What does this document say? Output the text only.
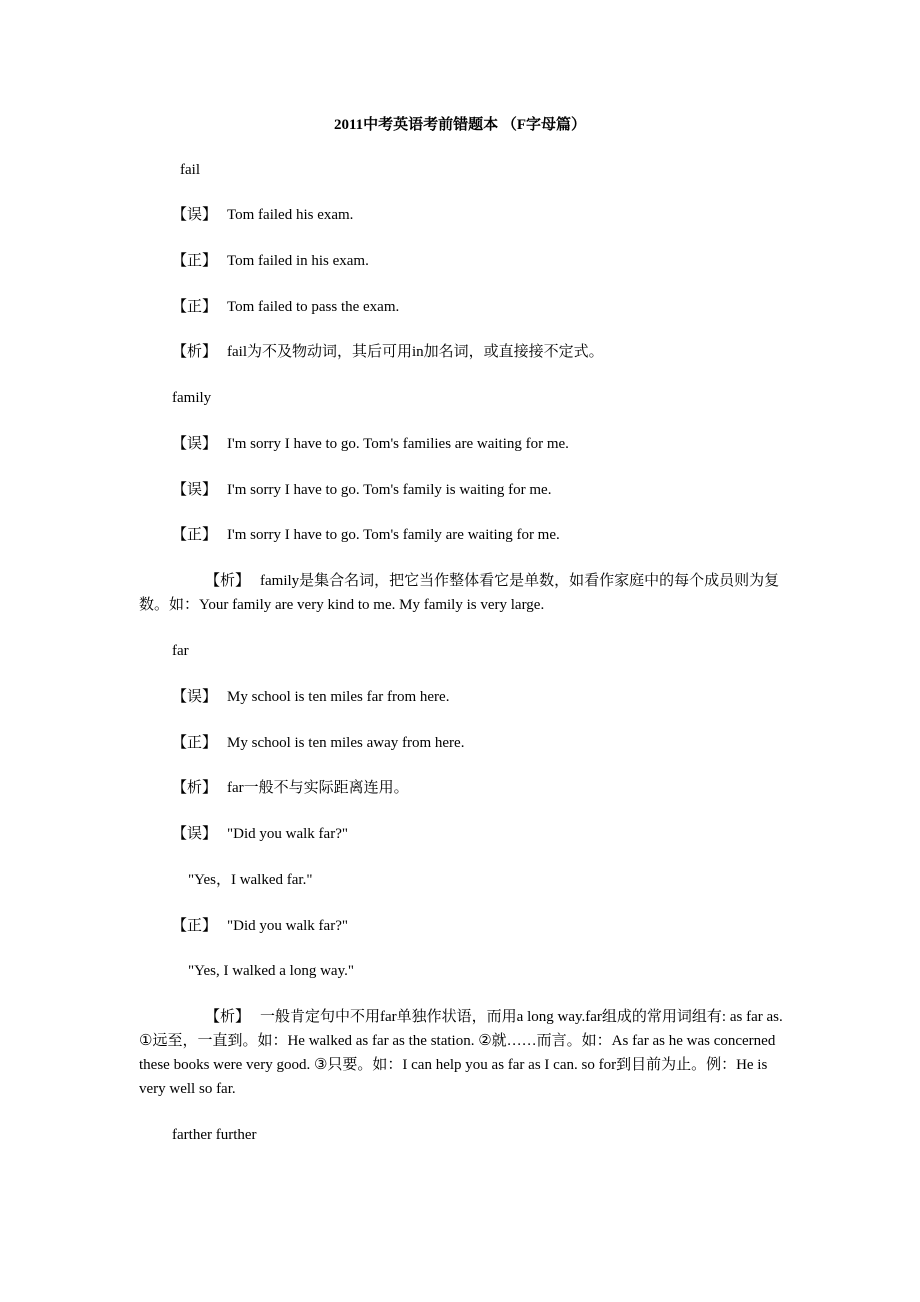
2011中考英语考前错题本 （F字母篇）
fail
【误】 Tom failed his exam.
【正】 Tom failed in his exam.
【正】 Tom failed to pass the exam.
【析】 fail为不及物动词，其后可用in加名词，或直接接不定式。
family
【误】 I'm sorry I have to go. Tom's families are waiting for me.
【误】 I'm sorry I have to go. Tom's family is waiting for me.
【正】 I'm sorry I have to go. Tom's family are waiting for me.
【析】 family是集合名词，把它当作整体看它是单数，如看作家庭中的每个成员则为复数。如：Your family are very kind to me. My family is very large.
far
【误】 My school is ten miles far from here.
【正】 My school is ten miles away from here.
【析】 far一般不与实际距离连用。
【误】 "Did you walk far?"
"Yes，I walked far."
【正】 "Did you walk far?"
"Yes, I walked a long way."
【析】 一般肯定句中不用far单独作状语，而用a long way.far组成的常用词组有: as far as. ①远至，一直到。如：He walked as far as the station. ②就……而言。如：As far as he was concerned these books were very good. ③只要。如：I can help you as far as I can. so for到目前为止。例：He is very well so far.
farther further
